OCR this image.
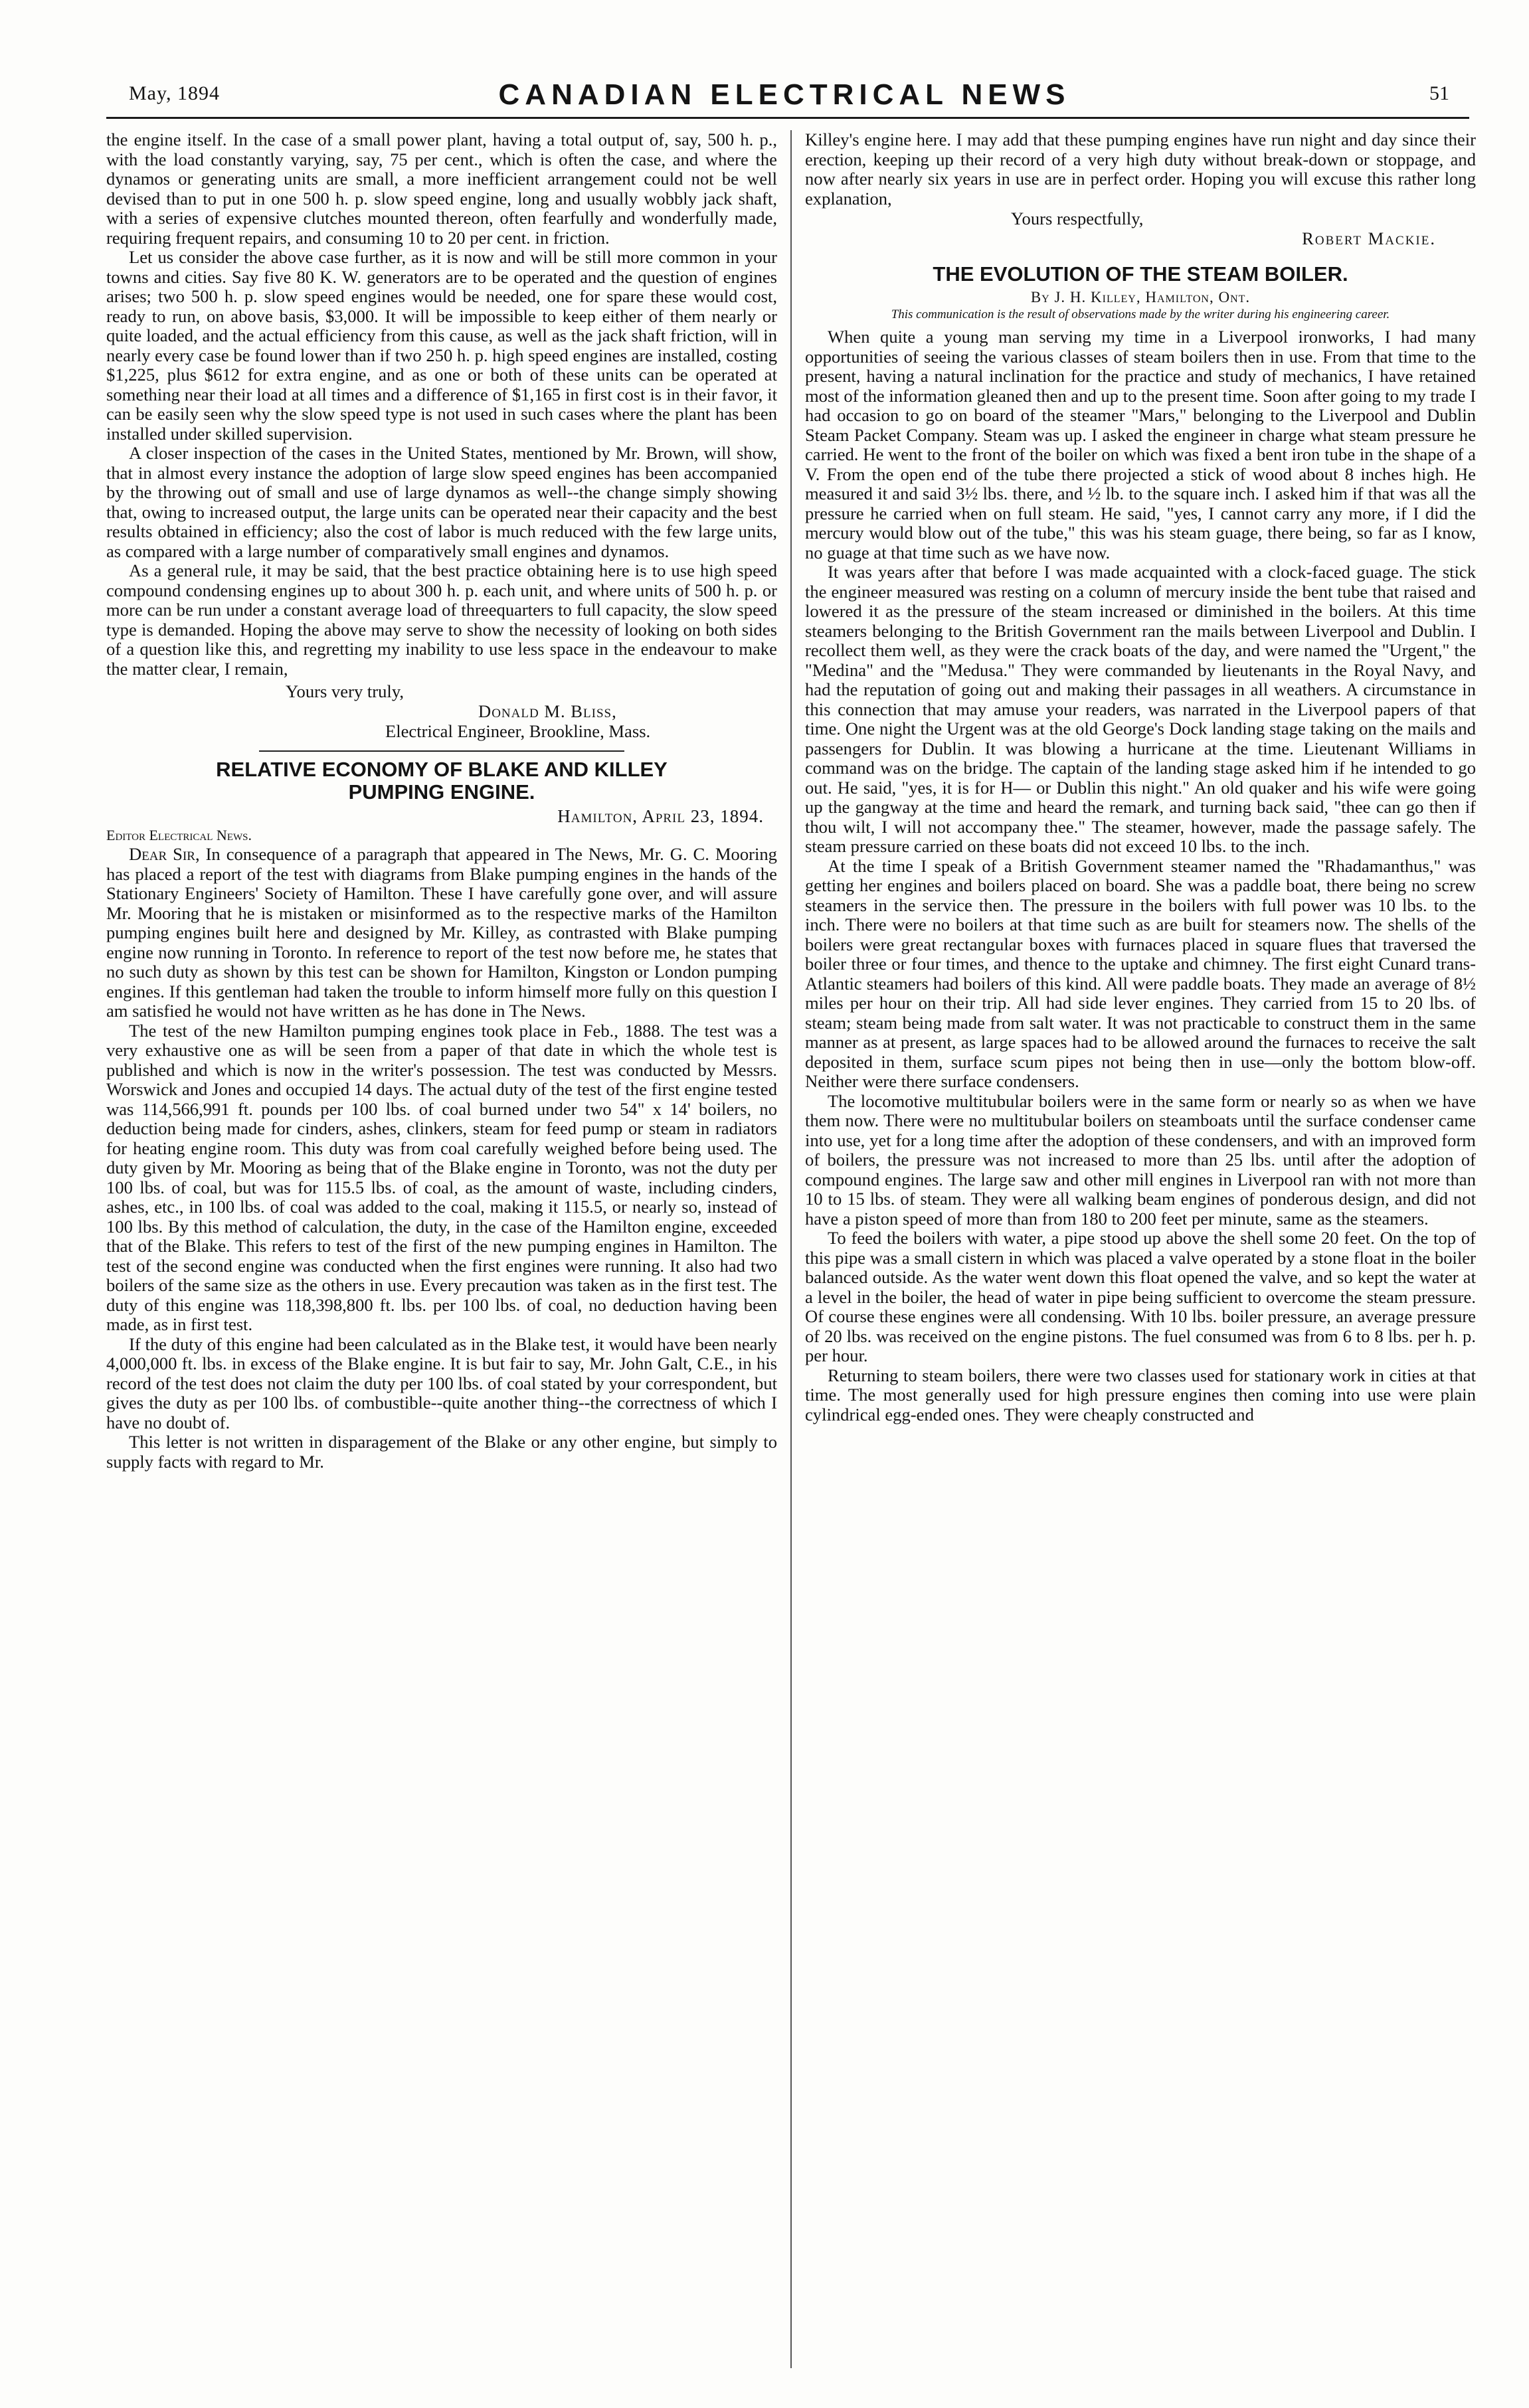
May, 1894	CANADIAN ELECTRICAL NEWS	51

the engine itself. In the case of a small power plant, having a total output of, say, 500 h. p., with the load constantly varying, say, 75 per cent., which is often the case, and where the dynamos or generating units are small, a more inefficient arrangement could not be well devised than to put in one 500 h. p. slow speed engine, long and usually wobbly jack shaft, with a series of expensive clutches mounted thereon, often fearfully and wonderfully made, requiring frequent repairs, and consuming 10 to 20 per cent. in friction.

Let us consider the above case further, as it is now and will be still more common in your towns and cities. Say five 80 K. W. generators are to be operated and the question of engines arises; two 500 h. p. slow speed engines would be needed, one for spare these would cost, ready to run, on above basis, $3,000. It will be impossible to keep either of them nearly or quite loaded, and the actual efficiency from this cause, as well as the jack shaft friction, will in nearly every case be found lower than if two 250 h. p. high speed engines are installed, costing $1,225, plus $612 for extra engine, and as one or both of these units can be operated at something near their load at all times and a difference of $1,165 in first cost is in their favor, it can be easily seen why the slow speed type is not used in such cases where the plant has been installed under skilled supervision.

A closer inspection of the cases in the United States, mentioned by Mr. Brown, will show, that in almost every instance the adoption of large slow speed engines has been accompanied by the throwing out of small and use of large dynamos as well--the change simply showing that, owing to increased output, the large units can be operated near their capacity and the best results obtained in efficiency; also the cost of labor is much reduced with the few large units, as compared with a large number of comparatively small engines and dynamos.

As a general rule, it may be said, that the best practice obtaining here is to use high speed compound condensing engines up to about 300 h. p. each unit, and where units of 500 h. p. or more can be run under a constant average load of threequarters to full capacity, the slow speed type is demanded. Hoping the above may serve to show the necessity of looking on both sides of a question like this, and regretting my inability to use less space in the endeavour to make the matter clear, I remain,

Yours very truly,
Donald M. Bliss,
Electrical Engineer, Brookline, Mass.
RELATIVE ECONOMY OF BLAKE AND KILLEY
PUMPING ENGINE.
Hamilton, April 23, 1894.
Editor Electrical News.

Dear Sir, In consequence of a paragraph that appeared in The News, Mr. G. C. Mooring has placed a report of the test with diagrams from Blake pumping engines in the hands of the Stationary Engineers' Society of Hamilton. These I have carefully gone over, and will assure Mr. Mooring that he is mistaken or misinformed as to the respective marks of the Hamilton pumping engines built here and designed by Mr. Killey, as contrasted with Blake pumping engine now running in Toronto. In reference to report of the test now before me, he states that no such duty as shown by this test can be shown for Hamilton, Kingston or London pumping engines. If this gentleman had taken the trouble to inform himself more fully on this question I am satisfied he would not have written as he has done in The News.

The test of the new Hamilton pumping engines took place in Feb., 1888. The test was a very exhaustive one as will be seen from a paper of that date in which the whole test is published and which is now in the writer's possession. The test was conducted by Messrs. Worswick and Jones and occupied 14 days. The actual duty of the test of the first engine tested was 114,566,991 ft. pounds per 100 lbs. of coal burned under two 54" x 14' boilers, no deduction being made for cinders, ashes, clinkers, steam for feed pump or steam in radiators for heating engine room. This duty was from coal carefully weighed before being used. The duty given by Mr. Mooring as being that of the Blake engine in Toronto, was not the duty per 100 lbs. of coal, but was for 115.5 lbs. of coal, as the amount of waste, including cinders, ashes, etc., in 100 lbs. of coal was added to the coal, making it 115.5, or nearly so, instead of 100 lbs. By this method of calculation, the duty, in the case of the Hamilton engine, exceeded that of the Blake. This refers to test of the first of the new pumping engines in Hamilton. The test of the second engine was conducted when the first engines were running. It also had two boilers of the same size as the others in use. Every precaution was taken as in the first test. The duty of this engine was 118,398,800 ft. lbs. per 100 lbs. of coal, no deduction having been made, as in first test.

If the duty of this engine had been calculated as in the Blake test, it would have been nearly 4,000,000 ft. lbs. in excess of the Blake engine. It is but fair to say, Mr. John Galt, C.E., in his record of the test does not claim the duty per 100 lbs. of coal stated by your correspondent, but gives the duty as per 100 lbs. of combustible--quite another thing--the correctness of which I have no doubt of.

This letter is not written in disparagement of the Blake or any other engine, but simply to supply facts with regard to Mr.

Killey's engine here. I may add that these pumping engines have run night and day since their erection, keeping up their record of a very high duty without break-down or stoppage, and now after nearly six years in use are in perfect order. Hoping you will excuse this rather long explanation,

Yours respectfully,
Robert Mackie.
THE EVOLUTION OF THE STEAM BOILER.
By J. H. Killey, Hamilton, Ont.
This communication is the result of observations made by the writer during his engineering career.

When quite a young man serving my time in a Liverpool ironworks, I had many opportunities of seeing the various classes of steam boilers then in use. From that time to the present, having a natural inclination for the practice and study of mechanics, I have retained most of the information gleaned then and up to the present time. Soon after going to my trade I had occasion to go on board of the steamer "Mars," belonging to the Liverpool and Dublin Steam Packet Company. Steam was up. I asked the engineer in charge what steam pressure he carried. He went to the front of the boiler on which was fixed a bent iron tube in the shape of a V. From the open end of the tube there projected a stick of wood about 8 inches high. He measured it and said 3½ lbs. there, and ½ lb. to the square inch. I asked him if that was all the pressure he carried when on full steam. He said, "yes, I cannot carry any more, if I did the mercury would blow out of the tube," this was his steam guage, there being, so far as I know, no guage at that time such as we have now.

It was years after that before I was made acquainted with a clock-faced guage. The stick the engineer measured was resting on a column of mercury inside the bent tube that raised and lowered it as the pressure of the steam increased or diminished in the boilers. At this time steamers belonging to the British Government ran the mails between Liverpool and Dublin. I recollect them well, as they were the crack boats of the day, and were named the "Urgent," the "Medina" and the "Medusa." They were commanded by lieutenants in the Royal Navy, and had the reputation of going out and making their passages in all weathers. A circumstance in this connection that may amuse your readers, was narrated in the Liverpool papers of that time. One night the Urgent was at the old George's Dock landing stage taking on the mails and passengers for Dublin. It was blowing a hurricane at the time. Lieutenant Williams in command was on the bridge. The captain of the landing stage asked him if he intended to go out. He said, "yes, it is for H— or Dublin this night." An old quaker and his wife were going up the gangway at the time and heard the remark, and turning back said, "thee can go then if thou wilt, I will not accompany thee." The steamer, however, made the passage safely. The steam pressure carried on these boats did not exceed 10 lbs. to the inch.

At the time I speak of a British Government steamer named the "Rhadamanthus," was getting her engines and boilers placed on board. She was a paddle boat, there being no screw steamers in the service then. The pressure in the boilers with full power was 10 lbs. to the inch. There were no boilers at that time such as are built for steamers now. The shells of the boilers were great rectangular boxes with furnaces placed in square flues that traversed the boiler three or four times, and thence to the uptake and chimney. The first eight Cunard trans-Atlantic steamers had boilers of this kind. All were paddle boats. They made an average of 8½ miles per hour on their trip. All had side lever engines. They carried from 15 to 20 lbs. of steam; steam being made from salt water. It was not practicable to construct them in the same manner as at present, as large spaces had to be allowed around the furnaces to receive the salt deposited in them, surface scum pipes not being then in use—only the bottom blow-off. Neither were there surface condensers.

The locomotive multitubular boilers were in the same form or nearly so as when we have them now. There were no multitubular boilers on steamboats until the surface condenser came into use, yet for a long time after the adoption of these condensers, and with an improved form of boilers, the pressure was not increased to more than 25 lbs. until after the adoption of compound engines. The large saw and other mill engines in Liverpool ran with not more than 10 to 15 lbs. of steam. They were all walking beam engines of ponderous design, and did not have a piston speed of more than from 180 to 200 feet per minute, same as the steamers.

To feed the boilers with water, a pipe stood up above the shell some 20 feet. On the top of this pipe was a small cistern in which was placed a valve operated by a stone float in the boiler balanced outside. As the water went down this float opened the valve, and so kept the water at a level in the boiler, the head of water in pipe being sufficient to overcome the steam pressure. Of course these engines were all condensing. With 10 lbs. boiler pressure, an average pressure of 20 lbs. was received on the engine pistons. The fuel consumed was from 6 to 8 lbs. per h. p. per hour.

Returning to steam boilers, there were two classes used for stationary work in cities at that time. The most generally used for high pressure engines then coming into use were plain cylindrical egg-ended ones. They were cheaply constructed and
